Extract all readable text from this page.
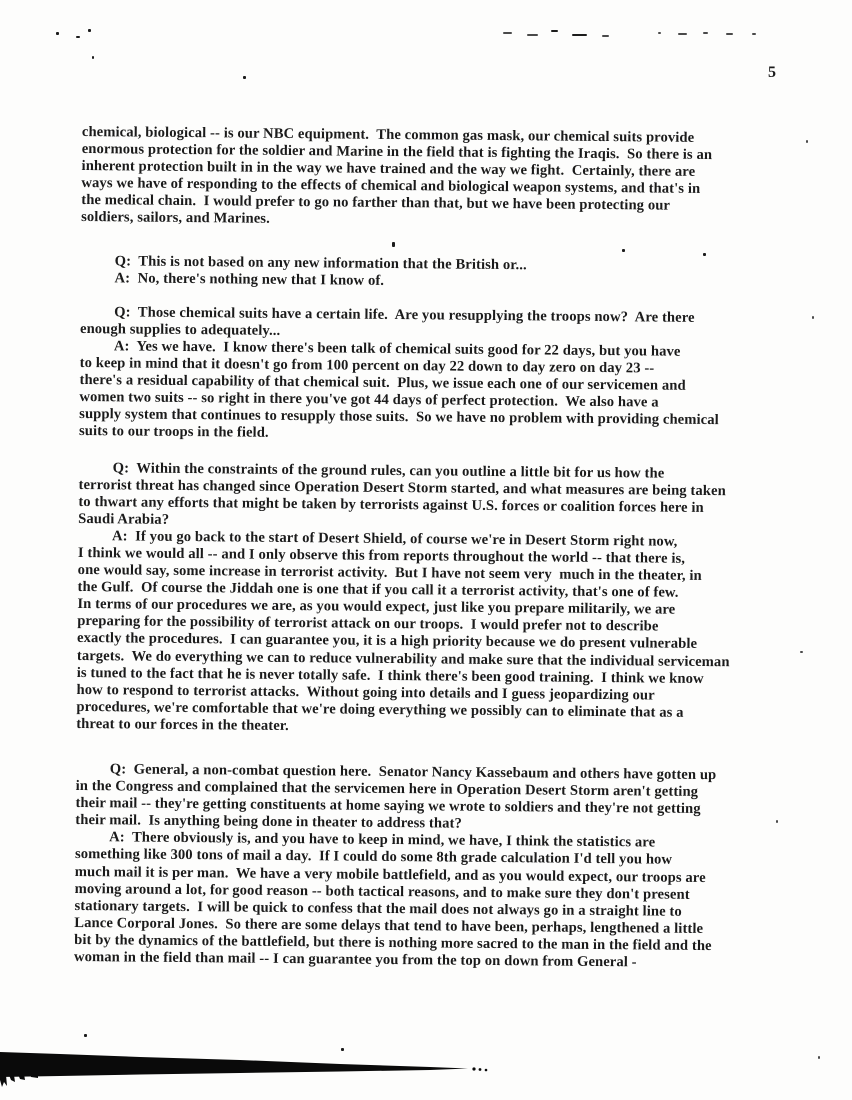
5
chemical, biological -- is our NBC equipment.  The common gas mask, our chemical suits provide
enormous protection for the soldier and Marine in the field that is fighting the Iraqis.  So there is an
inherent protection built in in the way we have trained and the way we fight.  Certainly, there are
ways we have of responding to the effects of chemical and biological weapon systems, and that's in
the medical chain.  I would prefer to go no farther than that, but we have been protecting our
soldiers, sailors, and Marines.
Q:  This is not based on any new information that the British or...
A:  No, there's nothing new that I know of.
Q:  Those chemical suits have a certain life.  Are you resupplying the troops now?  Are there
enough supplies to adequately...
A:  Yes we have.  I know there's been talk of chemical suits good for 22 days, but you have
to keep in mind that it doesn't go from 100 percent on day 22 down to day zero on day 23 --
there's a residual capability of that chemical suit.  Plus, we issue each one of our servicemen and
women two suits -- so right in there you've got 44 days of perfect protection.  We also have a
supply system that continues to resupply those suits.  So we have no problem with providing chemical
suits to our troops in the field.
Q:  Within the constraints of the ground rules, can you outline a little bit for us how the
terrorist threat has changed since Operation Desert Storm started, and what measures are being taken
to thwart any efforts that might be taken by terrorists against U.S. forces or coalition forces here in
Saudi Arabia?
A:  If you go back to the start of Desert Shield, of course we're in Desert Storm right now,
I think we would all -- and I only observe this from reports throughout the world -- that there is,
one would say, some increase in terrorist activity.  But I have not seem very  much in the theater, in
the Gulf.  Of course the Jiddah one is one that if you call it a terrorist activity, that's one of few.
In terms of our procedures we are, as you would expect, just like you prepare militarily, we are
preparing for the possibility of terrorist attack on our troops.  I would prefer not to describe
exactly the procedures.  I can guarantee you, it is a high priority because we do present vulnerable
targets.  We do everything we can to reduce vulnerability and make sure that the individual serviceman
is tuned to the fact that he is never totally safe.  I think there's been good training.  I think we know
how to respond to terrorist attacks.  Without going into details and I guess jeopardizing our
procedures, we're comfortable that we're doing everything we possibly can to eliminate that as a
threat to our forces in the theater.
Q:  General, a non-combat question here.  Senator Nancy Kassebaum and others have gotten up
in the Congress and complained that the servicemen here in Operation Desert Storm aren't getting
their mail -- they're getting constituents at home saying we wrote to soldiers and they're not getting
their mail.  Is anything being done in theater to address that?
A:  There obviously is, and you have to keep in mind, we have, I think the statistics are
something like 300 tons of mail a day.  If I could do some 8th grade calculation I'd tell you how
much mail it is per man.  We have a very mobile battlefield, and as you would expect, our troops are
moving around a lot, for good reason -- both tactical reasons, and to make sure they don't present
stationary targets.  I will be quick to confess that the mail does not always go in a straight line to
Lance Corporal Jones.  So there are some delays that tend to have been, perhaps, lengthened a little
bit by the dynamics of the battlefield, but there is nothing more sacred to the man in the field and the
woman in the field than mail -- I can guarantee you from the top on down from General -
